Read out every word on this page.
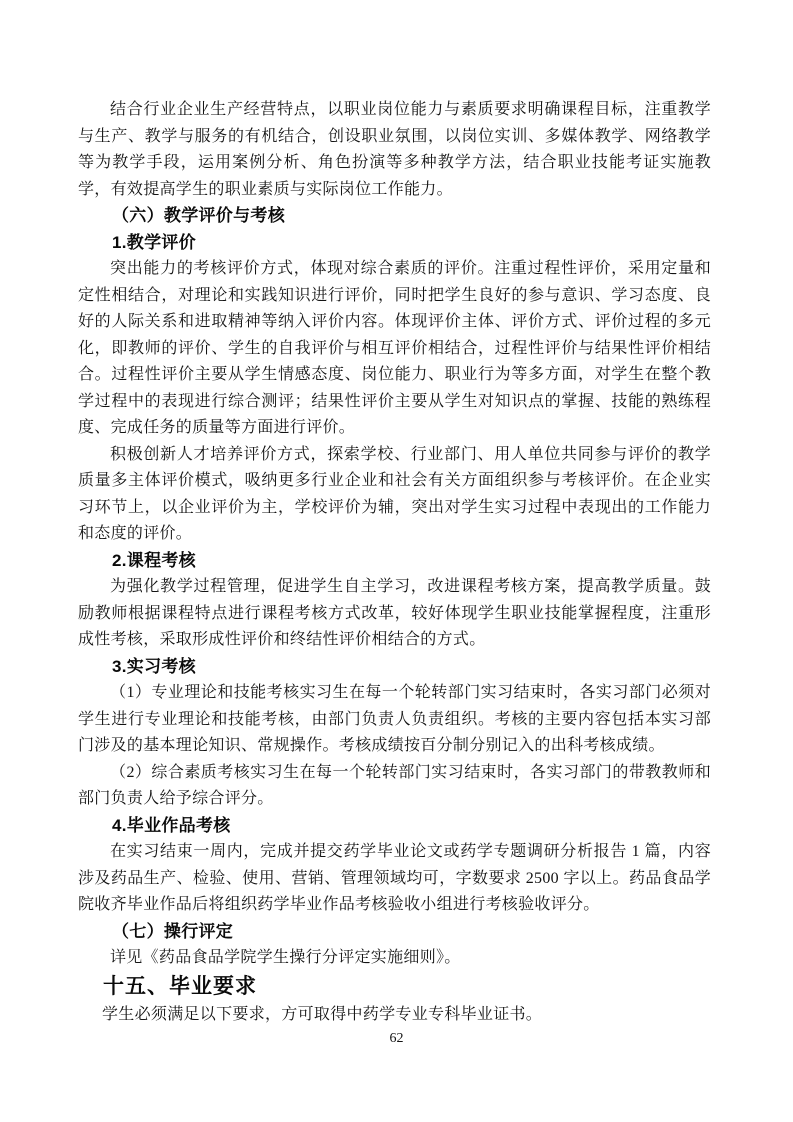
结合行业企业生产经营特点，以职业岗位能力与素质要求明确课程目标，注重教学与生产、教学与服务的有机结合，创设职业氛围，以岗位实训、多媒体教学、网络教学等为教学手段，运用案例分析、角色扮演等多种教学方法，结合职业技能考证实施教学，有效提高学生的职业素质与实际岗位工作能力。

（六）教学评价与考核

1.教学评价

突出能力的考核评价方式，体现对综合素质的评价。注重过程性评价，采用定量和定性相结合，对理论和实践知识进行评价，同时把学生良好的参与意识、学习态度、良好的人际关系和进取精神等纳入评价内容。体现评价主体、评价方式、评价过程的多元化，即教师的评价、学生的自我评价与相互评价相结合，过程性评价与结果性评价相结合。过程性评价主要从学生情感态度、岗位能力、职业行为等多方面，对学生在整个教学过程中的表现进行综合测评；结果性评价主要从学生对知识点的掌握、技能的熟练程度、完成任务的质量等方面进行评价。

积极创新人才培养评价方式，探索学校、行业部门、用人单位共同参与评价的教学质量多主体评价模式，吸纳更多行业企业和社会有关方面组织参与考核评价。在企业实习环节上，以企业评价为主，学校评价为辅，突出对学生实习过程中表现出的工作能力和态度的评价。

2.课程考核

为强化教学过程管理，促进学生自主学习，改进课程考核方案，提高教学质量。鼓励教师根据课程特点进行课程考核方式改革，较好体现学生职业技能掌握程度，注重形成性考核，采取形成性评价和终结性评价相结合的方式。

3.实习考核

（1）专业理论和技能考核实习生在每一个轮转部门实习结束时，各实习部门必须对学生进行专业理论和技能考核，由部门负责人负责组织。考核的主要内容包括本实习部门涉及的基本理论知识、常规操作。考核成绩按百分制分别记入的出科考核成绩。

（2）综合素质考核实习生在每一个轮转部门实习结束时，各实习部门的带教教师和部门负责人给予综合评分。

4.毕业作品考核

在实习结束一周内，完成并提交药学毕业论文或药学专题调研分析报告 1 篇，内容涉及药品生产、检验、使用、营销、管理领域均可，字数要求 2500 字以上。药品食品学院收齐毕业作品后将组织药学毕业作品考核验收小组进行考核验收评分。

（七）操行评定

详见《药品食品学院学生操行分评定实施细则》。

十五、毕业要求

学生必须满足以下要求，方可取得中药学专业专科毕业证书。

62
